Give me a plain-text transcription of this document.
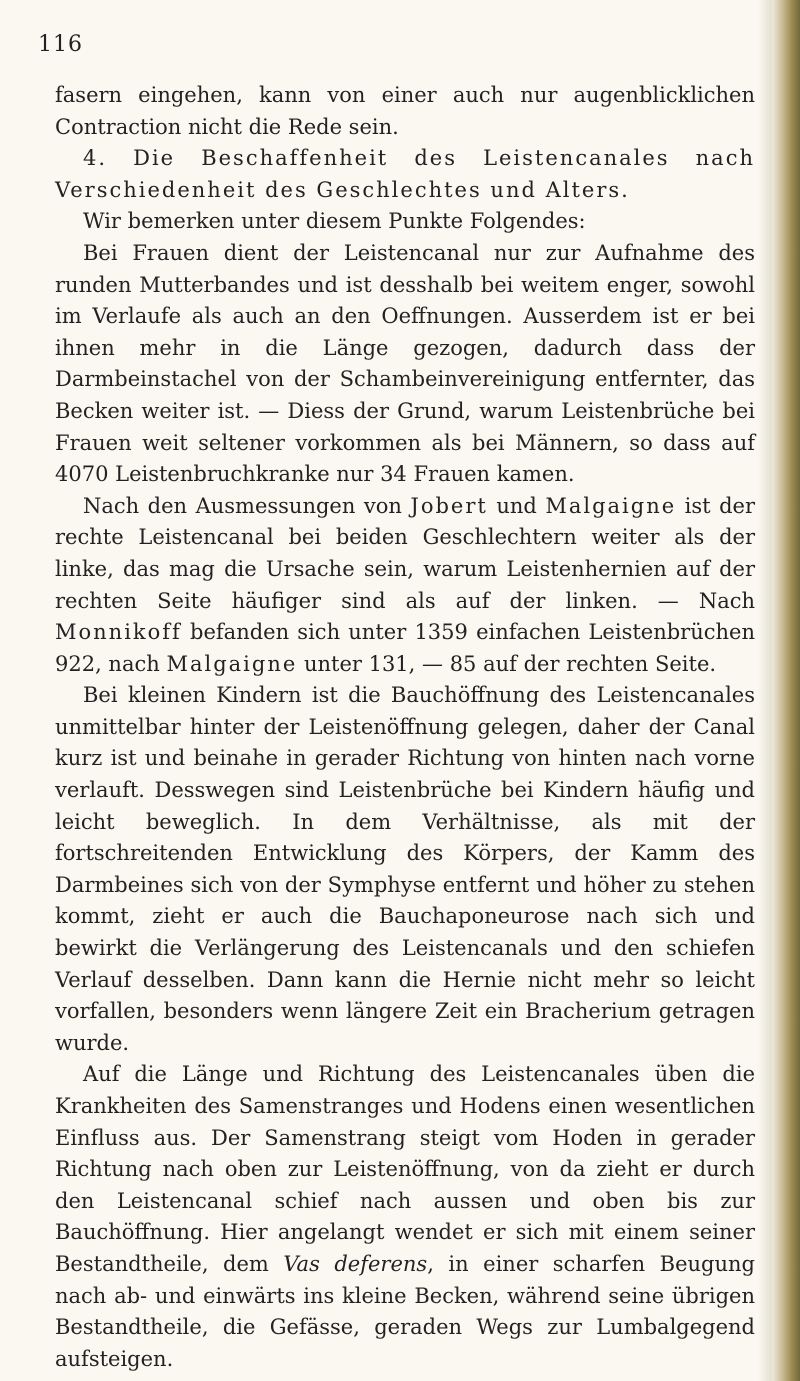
116

fasern eingehen, kann von einer auch nur augenblicklichen Contraction nicht die Rede sein.

4. Die Beschaffenheit des Leistencanales nach Verschiedenheit des Geschlechtes und Alters.

Wir bemerken unter diesem Punkte Folgendes:

Bei Frauen dient der Leistencanal nur zur Aufnahme des runden Mutterbandes und ist desshalb bei weitem enger, sowohl im Verlaufe als auch an den Oeffnungen. Ausserdem ist er bei ihnen mehr in die Länge gezogen, dadurch dass der Darmbeinstachel von der Schambeinvereinigung entfernter, das Becken weiter ist. — Diess der Grund, warum Leistenbrüche bei Frauen weit seltener vorkommen als bei Männern, so dass auf 4070 Leistenbruchkranke nur 34 Frauen kamen.

Nach den Ausmessungen von Jobert und Malgaigne ist der rechte Leistencanal bei beiden Geschlechtern weiter als der linke, das mag die Ursache sein, warum Leistenhernien auf der rechten Seite häufiger sind als auf der linken. — Nach Monnikoff befanden sich unter 1359 einfachen Leistenbrüchen 922, nach Malgaigne unter 131, — 85 auf der rechten Seite.

Bei kleinen Kindern ist die Bauchöffnung des Leistencanales unmittelbar hinter der Leistenöffnung gelegen, daher der Canal kurz ist und beinahe in gerader Richtung von hinten nach vorne verlauft. Desswegen sind Leistenbrüche bei Kindern häufig und leicht beweglich. In dem Verhältnisse, als mit der fortschreitenden Entwicklung des Körpers, der Kamm des Darmbeines sich von der Symphyse entfernt und höher zu stehen kommt, zieht er auch die Bauchaponeurose nach sich und bewirkt die Verlängerung des Leistencanals und den schiefen Verlauf desselben. Dann kann die Hernie nicht mehr so leicht vorfallen, besonders wenn längere Zeit ein Bracherium getragen wurde.

Auf die Länge und Richtung des Leistencanales üben die Krankheiten des Samenstranges und Hodens einen wesentlichen Einfluss aus. Der Samenstrang steigt vom Hoden in gerader Richtung nach oben zur Leistenöffnung, von da zieht er durch den Leistencanal schief nach aussen und oben bis zur Bauchöffnung. Hier angelangt wendet er sich mit einem seiner Bestandtheile, dem Vas deferens, in einer scharfen Beugung nach ab- und einwärts ins kleine Becken, während seine übrigen Bestandtheile, die Gefässe, geraden Wegs zur Lumbalgegend aufsteigen.
